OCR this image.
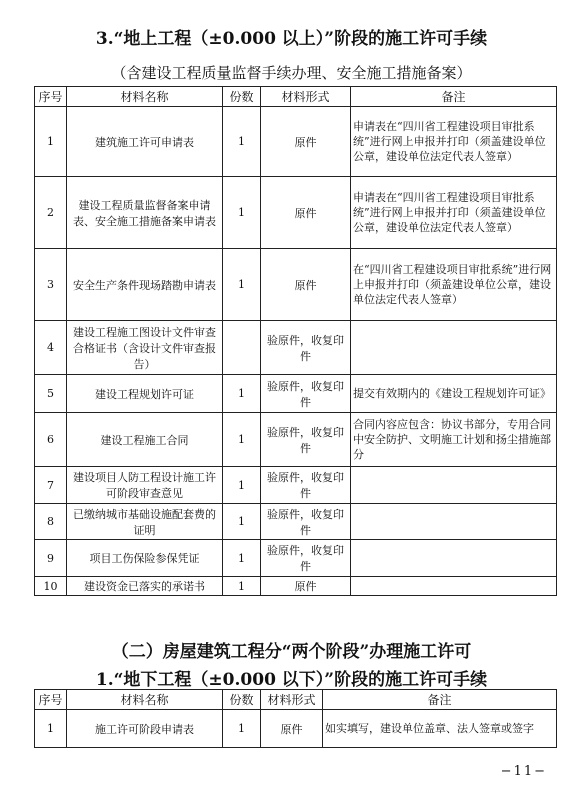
3.“地上工程（±0.000 以上）”阶段的施工许可手续
（含建设工程质量监督手续办理、安全施工措施备案）
序号	材料名称	份数	材料形式	备注
1	建筑施工许可申请表	1	原件	申请表在“四川省工程建设项目审批系统”进行网上申报并打印（须盖建设单位公章，建设单位法定代表人签章）
2	建设工程质量监督备案申请表、安全施工措施备案申请表	1	原件	申请表在“四川省工程建设项目审批系统”进行网上申报并打印（须盖建设单位公章，建设单位法定代表人签章）
3	安全生产条件现场踏勘申请表	1	原件	在“四川省工程建设项目审批系统”进行网上申报并打印（须盖建设单位公章，建设单位法定代表人签章）
4	建设工程施工图设计文件审查合格证书（含设计文件审查报告）		验原件，收复印件	
5	建设工程规划许可证	1	验原件，收复印件	提交有效期内的《建设工程规划许可证》
6	建设工程施工合同	1	验原件，收复印件	合同内容应包含：协议书部分，专用合同中安全防护、文明施工计划和扬尘措施部分
7	建设项目人防工程设计施工许可阶段审查意见	1	验原件，收复印件	
8	已缴纳城市基础设施配套费的证明	1	验原件，收复印件	
9	项目工伤保险参保凭证	1	验原件，收复印件	
10	建设资金已落实的承诺书	1	原件	
（二）房屋建筑工程分“两个阶段”办理施工许可
1.“地下工程（±0.000 以下）”阶段的施工许可手续
序号	材料名称	份数	材料形式	备注
1	施工许可阶段申请表	1	原件	如实填写，建设单位盖章、法人签章或签字
−11−
